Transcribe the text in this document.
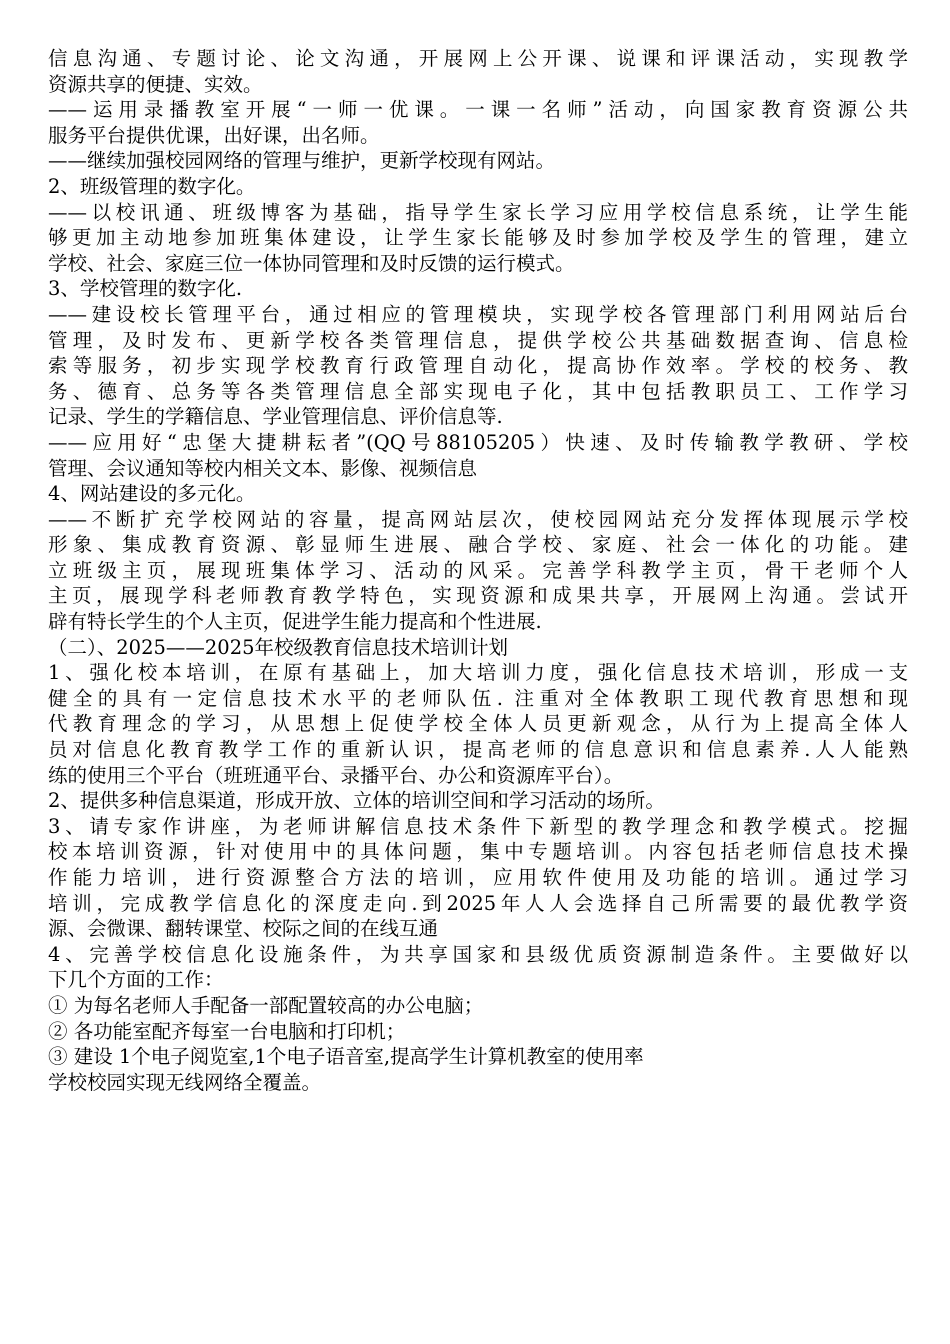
信息沟通、专题讨论、论文沟通，开展网上公开课、说课和评课活动，实现教学
资源共享的便捷、实效。
——运用录播教室开展“一师一优课。一课一名师”活动，向国家教育资源公共
服务平台提供优课，出好课，出名师。
——继续加强校园网络的管理与维护，更新学校现有网站。
2、班级管理的数字化。
——以校讯通、班级博客为基础，指导学生家长学习应用学校信息系统，让学生能
够更加主动地参加班集体建设，让学生家长能够及时参加学校及学生的管理，建立
学校、社会、家庭三位一体协同管理和及时反馈的运行模式。
3、学校管理的数字化.
——建设校长管理平台，通过相应的管理模块，实现学校各管理部门利用网站后台
管理，及时发布、更新学校各类管理信息，提供学校公共基础数据查询、信息检
索等服务，初步实现学校教育行政管理自动化，提高协作效率。学校的校务、教
务、德育、总务等各类管理信息全部实现电子化，其中包括教职员工、工作学习
记录、学生的学籍信息、学业管理信息、评价信息等.
——应用好“忠堡大捷耕耘者”(QQ号88105205）快速、及时传输教学教研、学校
管理、会议通知等校内相关文本、影像、视频信息
4、网站建设的多元化。
——不断扩充学校网站的容量，提高网站层次，使校园网站充分发挥体现展示学校
形象、集成教育资源、彰显师生进展、融合学校、家庭、社会一体化的功能。建
立班级主页，展现班集体学习、活动的风采。完善学科教学主页，骨干老师个人
主页，展现学科老师教育教学特色，实现资源和成果共享，开展网上沟通。尝试开
辟有特长学生的个人主页，促进学生能力提高和个性进展.
（二）、2025——2025年校级教育信息技术培训计划
1、强化校本培训，在原有基础上，加大培训力度，强化信息技术培训，形成一支
健全的具有一定信息技术水平的老师队伍. 注重对全体教职工现代教育思想和现
代教育理念的学习，从思想上促使学校全体人员更新观念，从行为上提高全体人
员对信息化教育教学工作的重新认识，提高老师的信息意识和信息素养.人人能熟
练的使用三个平台（班班通平台、录播平台、办公和资源库平台）。
2、提供多种信息渠道，形成开放、立体的培训空间和学习活动的场所。
3、请专家作讲座，为老师讲解信息技术条件下新型的教学理念和教学模式。挖掘
校本培训资源，针对使用中的具体问题，集中专题培训。内容包括老师信息技术操
作能力培训，进行资源整合方法的培训，应用软件使用及功能的培训。通过学习
培训，完成教学信息化的深度走向.到2025年人人会选择自己所需要的最优教学资
源、会微课、翻转课堂、校际之间的在线互通
4、完善学校信息化设施条件，为共享国家和县级优质资源制造条件。主要做好以
下几个方面的工作：
① 为每名老师人手配备一部配置较高的办公电脑；
② 各功能室配齐每室一台电脑和打印机；
③ 建设 1个电子阅览室,1个电子语音室,提高学生计算机教室的使用率
学校校园实现无线网络全覆盖。
